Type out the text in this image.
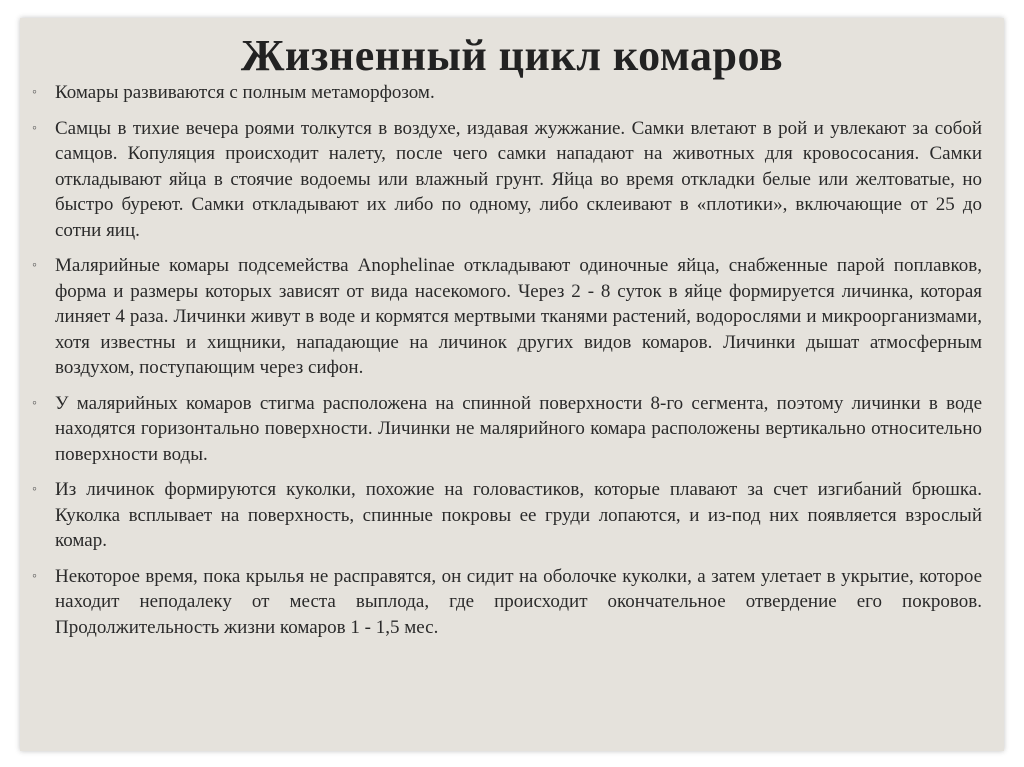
Жизненный цикл комаров
◦ Комары развиваются с полным метаморфозом.
◦ Самцы в тихие вечера роями толкутся в воздухе, издавая жужжание. Самки влетают в рой и увлекают за собой самцов. Копуляция происходит налету, после чего самки нападают на животных для кровососания. Самки откладывают яйца в стоячие водоемы или влажный грунт. Яйца во время откладки белые или желтоватые, но быстро буреют. Самки откладывают их либо по одному, либо склеивают в «плотики», включающие от 25 до сотни яиц.
◦ Малярийные комары подсемейства Anophelinae откладывают одиночные яйца, снабженные парой поплавков, форма и размеры которых зависят от вида насекомого. Через 2 - 8 суток в яйце формируется личинка, которая линяет 4 раза. Личинки живут в воде и кормятся мертвыми тканями растений, водорослями и микроорганизмами, хотя известны и хищники, нападающие на личинок других видов комаров. Личинки дышат атмосферным воздухом, поступающим через сифон.
◦ У малярийных комаров стигма расположена на спинной поверхности 8-го сегмента, поэтому личинки в воде находятся горизонтально поверхности. Личинки не малярийного комара расположены вертикально относительно поверхности воды.
◦ Из личинок формируются куколки, похожие на головастиков, которые плавают за счет изгибаний брюшка. Куколка всплывает на поверхность, спинные покровы ее груди лопаются, и из-под них появляется взрослый комар.
◦ Некоторое время, пока крылья не расправятся, он сидит на оболочке куколки, а затем улетает в укрытие, которое находит неподалеку от места выплода, где происходит окончательное отвердение его покровов. Продолжительность жизни комаров 1 - 1,5 мес.
